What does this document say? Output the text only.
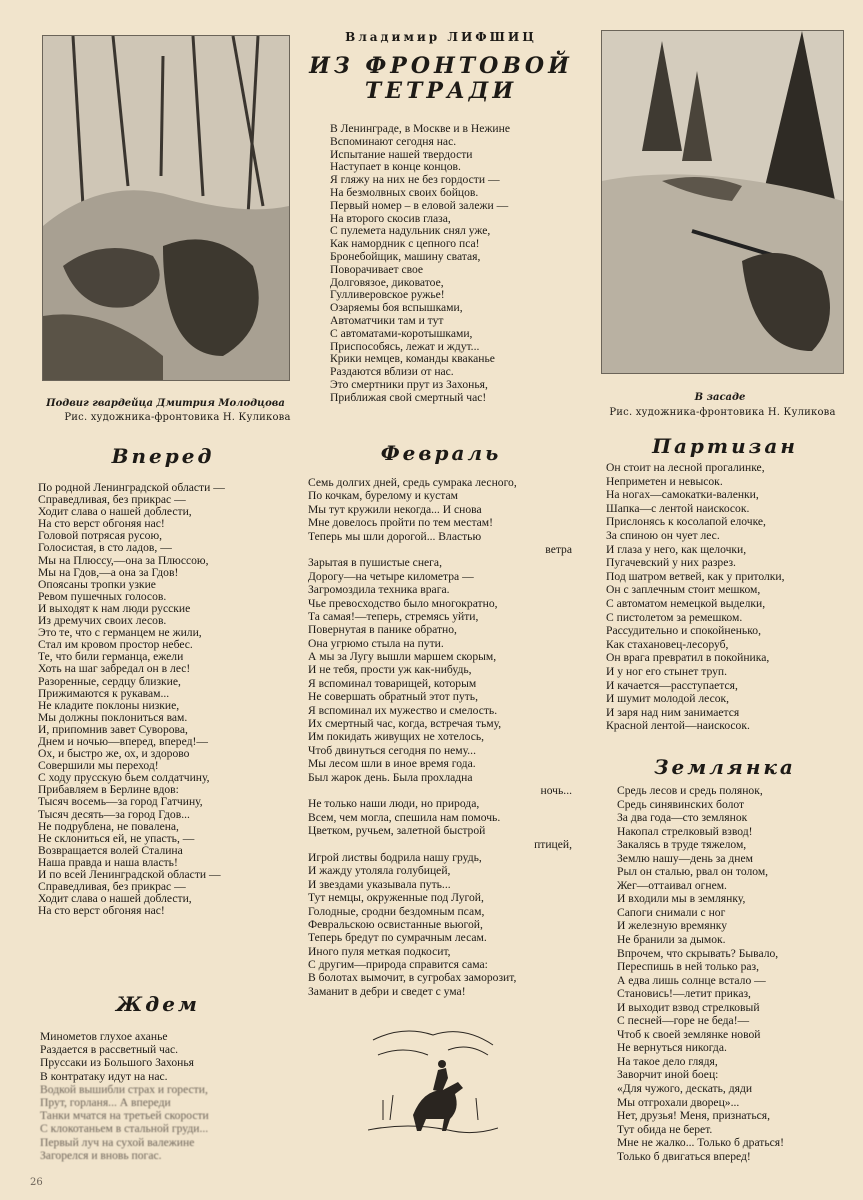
Подвиг гвардейца Дмитрия Молодцова
Рис. художника-фронтовика Н. Куликова
В засаде
Рис. художника-фронтовика Н. Куликова
Владимир ЛИФШИЦ
ИЗ ФРОНТОВОЙ
ТЕТРАДИ
В Ленинграде, в Москве и в Нежине
Вспоминают сегодня нас.
Испытание нашей твердости
Наступает в конце концов.
Я гляжу на них не без гордости —
На безмолвных своих бойцов.
Первый номер – в еловой залежи —
На второго скосив глаза,
С пулемета надульник снял уже,
Как намордник с цепного пса!
Бронебойщик, машину сватая,
Поворачивает свое
Долговязое, диковатое,
Гулливеровское ружье!
Озаряемы боя вспышками,
Автоматчики там и тут
С автоматами-коротышками,
Приспособясь, лежат и ждут...
Крики немцев, команды кваканье
Раздаются вблизи от нас.
Это смертники прут из Захонья,
Приближая свой смертный час!
Вперед
По родной Ленинградской области —
Справедливая, без прикрас —
Ходит слава о нашей доблести,
На сто верст обгоняя нас!
Головой потрясая русою,
Голосистая, в сто ладов, —
Мы на Плюссу,—она за Плюссою,
Мы на Гдов,—а она за Гдов!
Опоясаны тропки узкие
Ревом пушечных голосов.
И выходят к нам люди русские
Из дремучих своих лесов.
Это те, что с германцем не жили,
Стал им кровом простор небес.
Те, что били германца, ежели
Хоть на шаг забредал он в лес!
Разоренные, сердцу близкие,
Прижимаются к рукавам...
Не кладите поклоны низкие,
Мы должны поклониться вам.
И, припомнив завет Суворова,
Днем и ночью—вперед, вперед!—
Ох, и быстро же, ох, и здорово
Совершили мы переход!
С ходу прусскую бьем солдатчину,
Прибавляем в Берлине вдов:
Тысяч восемь—за город Гатчину,
Тысяч десять—за город Гдов...
Не подрублена, не повалена,
Не склониться ей, не упасть, —
Возвращается волей Сталина
Наша правда и наша власть!
И по всей Ленинградской области —
Справедливая, без прикрас —
Ходит слава о нашей доблести,
На сто верст обгоняя нас!
Ждем
Минометов глухое аханье
Раздается в рассветный час.
Пруссаки из Большого Захонья
В контратаку идут на нас.
Водкой вышибли страх и горести,
Прут, горланя... А впереди
Танки мчатся на третьей скорости
С клокотаньем в стальной груди...
Первый луч на сухой валежине
Загорелся и вновь погас.
Февраль
Семь долгих дней, средь сумрака лесного,
По кочкам, бурелому и кустам
Мы тут кружили некогда... И снова
Мне довелось пройти по тем местам!
Теперь мы шли дорогой... Властью
ветра
Зарытая в пушистые снега,
Дорогу—на четыре километра —
Загромоздила техника врага.
Чье превосходство было многократно,
Та самая!—теперь, стремясь уйти,
Повернутая в панике обратно,
Она угрюмо стыла на пути.
А мы за Лугу вышли маршем скорым,
И не тебя, прости уж как-нибудь,
Я вспоминал товарищей, которым
Не совершать обратный этот путь,
Я вспоминал их мужество и смелость.
Их смертный час, когда, встречая тьму,
Им покидать живущих не хотелось,
Чтоб двинуться сегодня по нему...
Мы лесом шли в иное время года.
Был жарок день. Была прохладна
ночь...
Не только наши люди, но природа,
Всем, чем могла, спешила нам помочь.
Цветком, ручьем, залетной быстрой
птицей,
Игрой листвы бодрила нашу грудь,
И жажду утоляла голубицей,
И звездами указывала путь...
Тут немцы, окруженные под Лугой,
Голодные, сродни бездомным псам,
Февральскою освистанные вьюгой,
Теперь бредут по сумрачным лесам.
Иного пуля меткая подкосит,
С другим—природа справится сама:
В болотах вымочит, в сугробах заморозит,
Заманит в дебри и сведет с ума!
Партизан
Он стоит на лесной прогалинке,
Неприметен и невысок.
На ногах—самокатки-валенки,
Шапка—с лентой наискосок.
Прислонясь к косолапой елочке,
За спиною он чует лес.
И глаза у него, как щелочки,
Пугачевский у них разрез.
Под шатром ветвей, как у притолки,
Он с заплечным стоит мешком,
С автоматом немецкой выделки,
С пистолетом за ремешком.
Рассудительно и спокойненько,
Как стахановец-лесоруб,
Он врага превратил в покойника,
И у ног его стынет труп.
И качается—расступается,
И шумит молодой лесок,
И заря над ним занимается
Красной лентой—наискосок.
Землянка
Средь лесов и средь полянок,
Средь синявинских болот
За два года—сто землянок
Накопал стрелковый взвод!
Закалясь в труде тяжелом,
Землю нашу—день за днем
Рыл он сталью, рвал он толом,
Жег—оттаивал огнем.
И входили мы в землянку,
Сапоги снимали с ног
И железную времянку
Не бранили за дымок.
Впрочем, что скрывать? Бывало,
Переспишь в ней только раз,
А едва лишь солнце встало —
Становись!—летит приказ,
И выходит взвод стрелковый
С песней—горе не беда!—
Чтоб к своей землянке новой
Не вернуться никогда.
На такое дело глядя,
Заворчит иной боец:
«Для чужого, дескать, дяди
Мы отгрохали дворец»...
Нет, друзья! Меня, признаться,
Тут обида не берет.
Мне не жалко... Только б драться!
Только б двигаться вперед!
26
